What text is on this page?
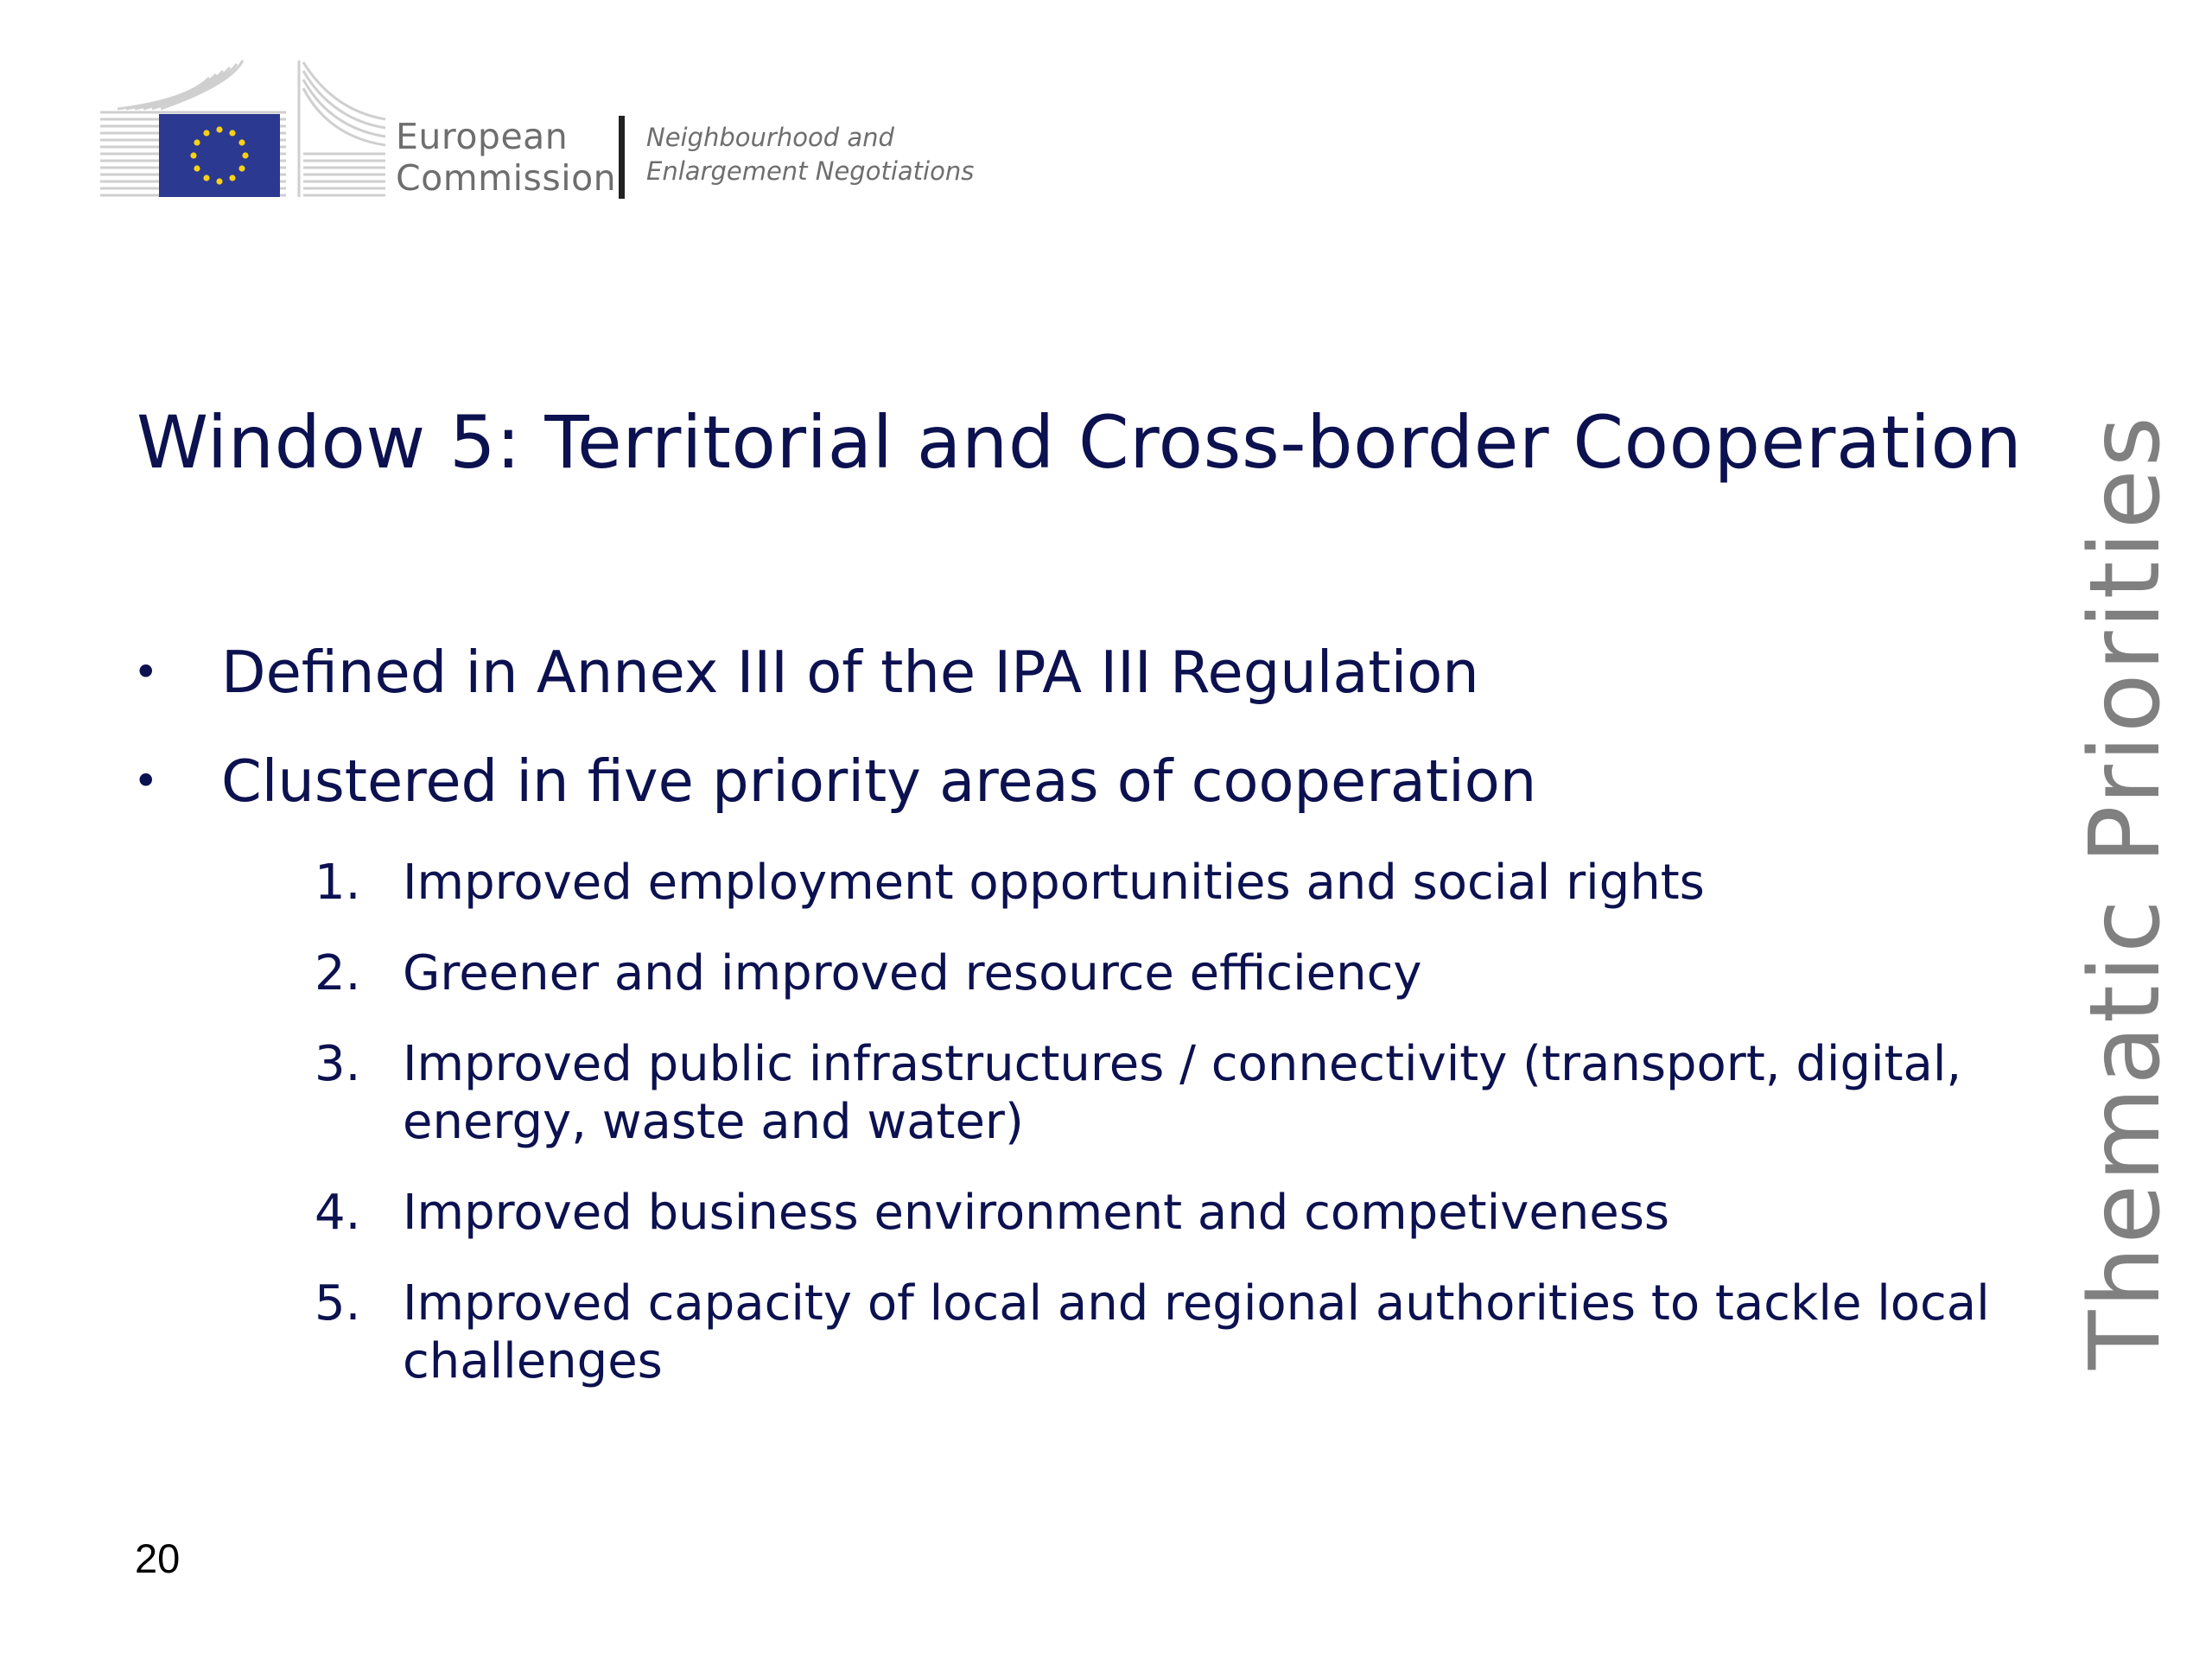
European
Commission
Neighbourhood and
Enlargement Negotiations
Window 5: Territorial and Cross-border Cooperation
• Defined in Annex III of the IPA III Regulation
• Clustered in five priority areas of cooperation
1. Improved employment opportunities and social rights
2. Greener and improved resource efficiency
3. Improved public infrastructures / connectivity (transport, digital, energy, waste and water)
4. Improved business environment and competiveness
5. Improved capacity of local and regional authorities to tackle local challenges	Thematic Priorities
20
